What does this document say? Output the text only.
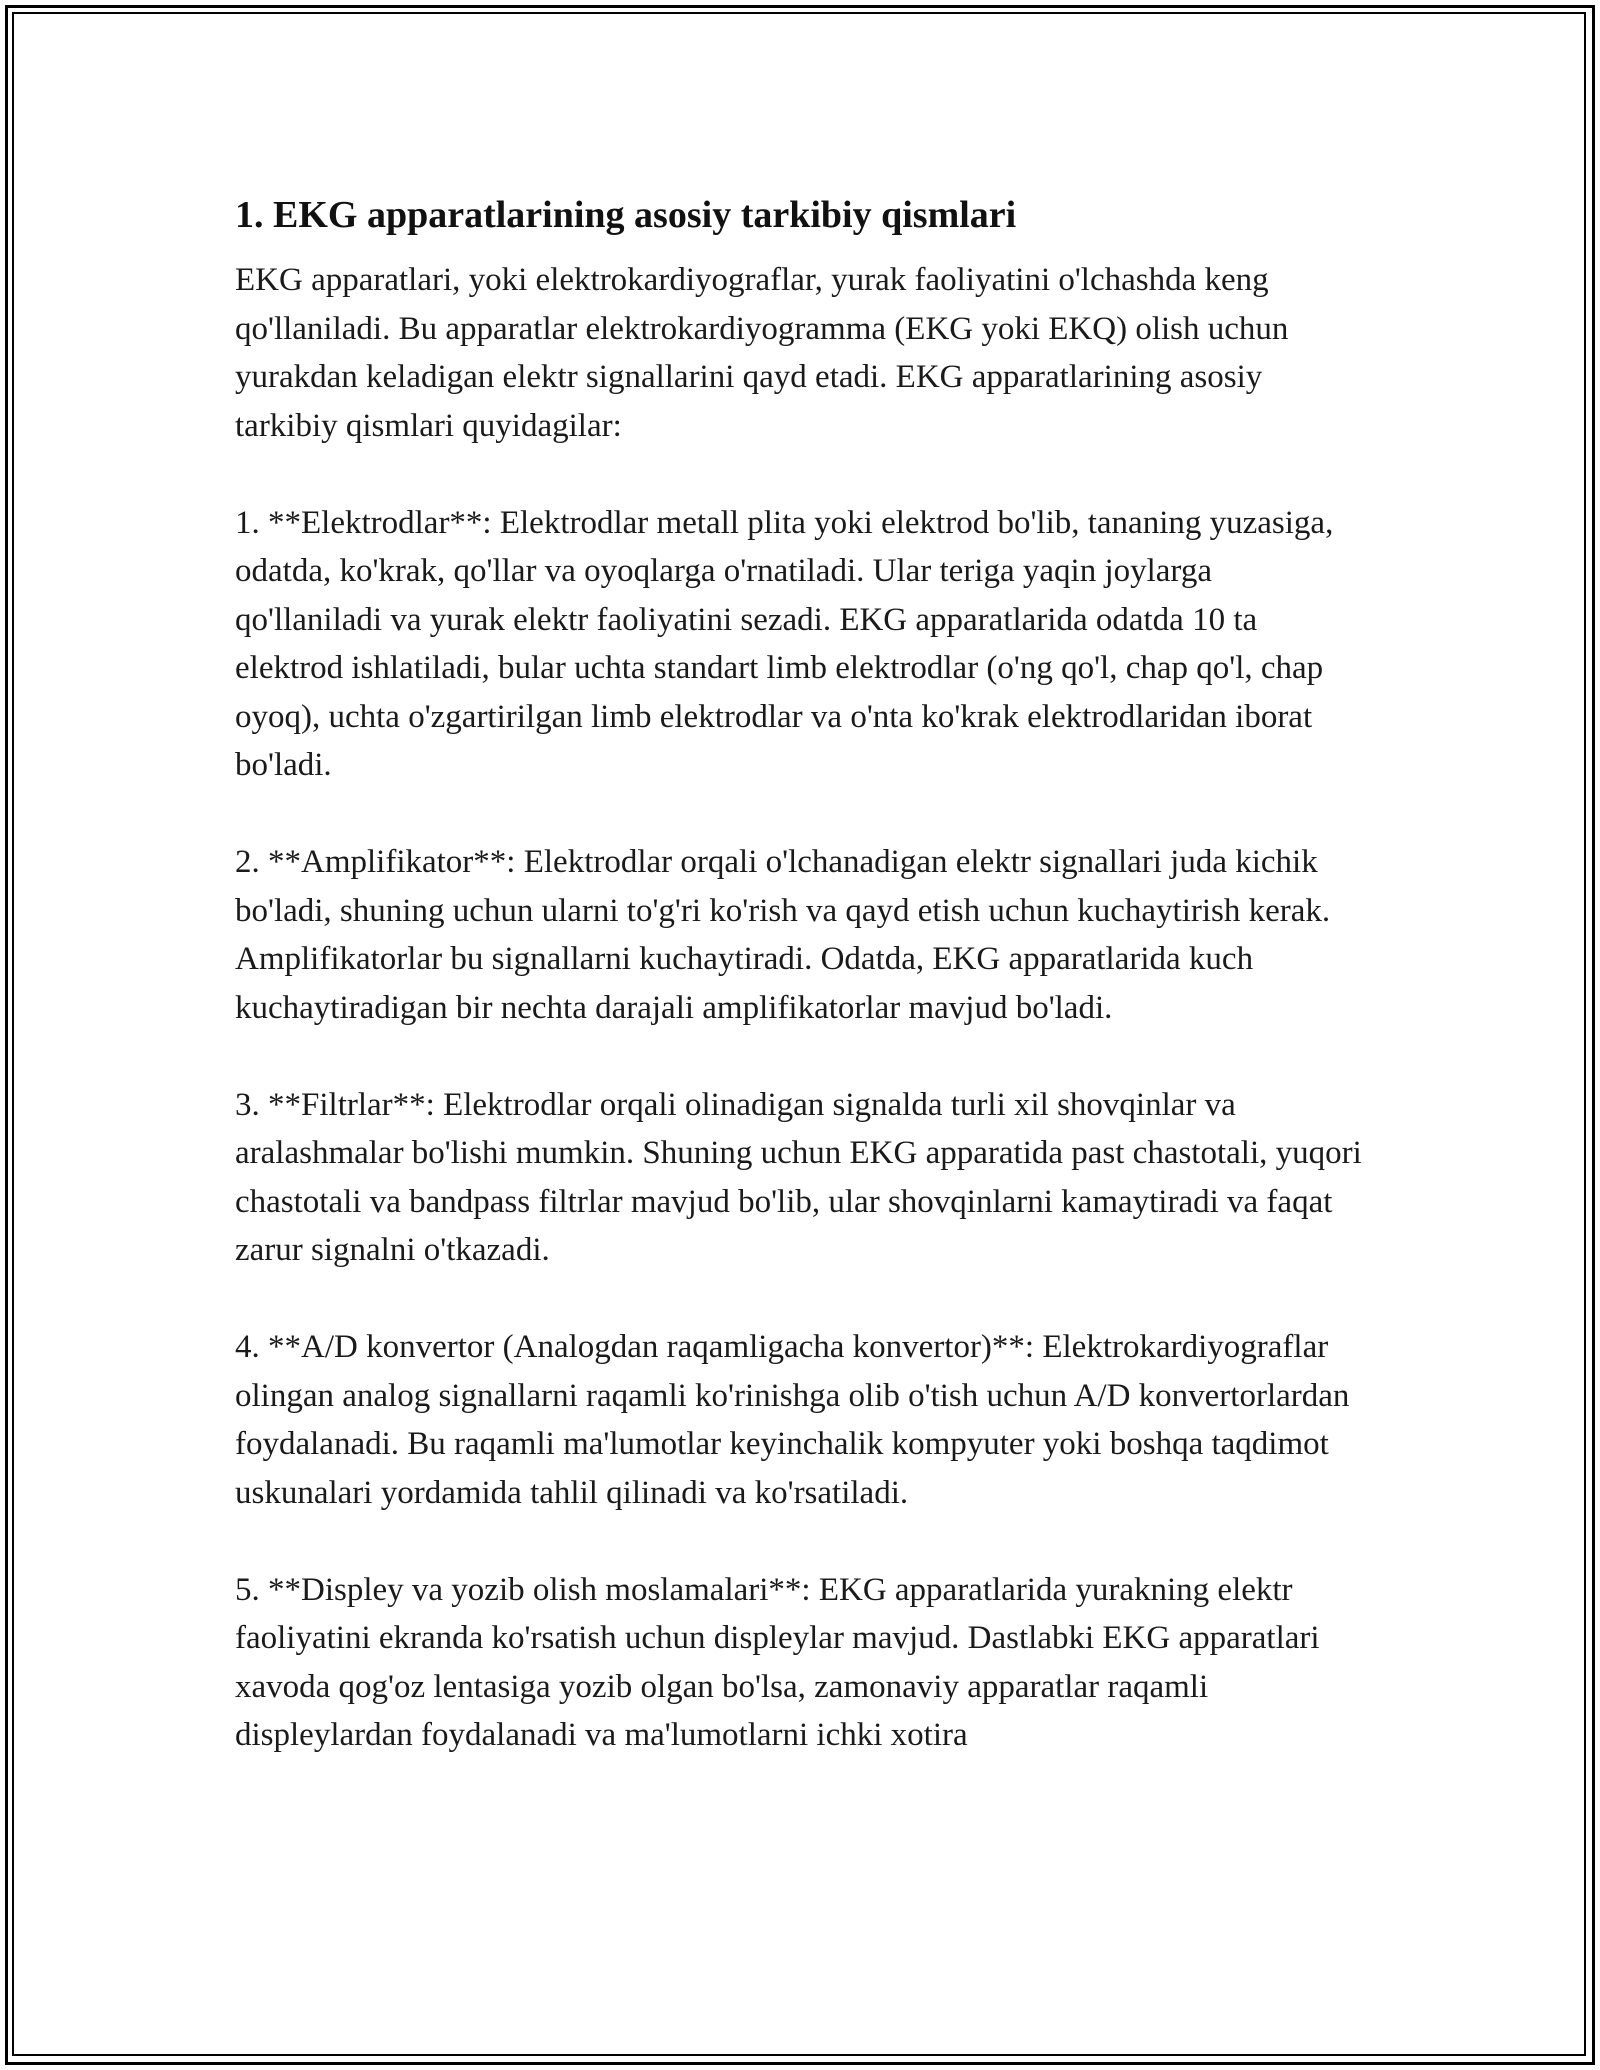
1. EKG apparatlarining asosiy tarkibiy qismlari

EKG apparatlari, yoki elektrokardiyograflar, yurak faoliyatini o'lchashda keng qo'llaniladi. Bu apparatlar elektrokardiyogramma (EKG yoki EKQ) olish uchun yurakdan keladigan elektr signallarini qayd etadi. EKG apparatlarining asosiy tarkibiy qismlari quyidagilar:

1. **Elektrodlar**: Elektrodlar metall plita yoki elektrod bo'lib, tananing yuzasiga, odatda, ko'krak, qo'llar va oyoqlarga o'rnatiladi. Ular teriga yaqin joylarga qo'llaniladi va yurak elektr faoliyatini sezadi. EKG apparatlarida odatda 10 ta elektrod ishlatiladi, bular uchta standart limb elektrodlar (o'ng qo'l, chap qo'l, chap oyoq), uchta o'zgartirilgan limb elektrodlar va o'nta ko'krak elektrodlaridan iborat bo'ladi.

2. **Amplifikator**: Elektrodlar orqali o'lchanadigan elektr signallari juda kichik bo'ladi, shuning uchun ularni to'g'ri ko'rish va qayd etish uchun kuchaytirish kerak. Amplifikatorlar bu signallarni kuchaytiradi. Odatda, EKG apparatlarida kuch kuchaytiradigan bir nechta darajali amplifikatorlar mavjud bo'ladi.

3. **Filtrlar**: Elektrodlar orqali olinadigan signalda turli xil shovqinlar va aralashmalar bo'lishi mumkin. Shuning uchun EKG apparatida past chastotali, yuqori chastotali va bandpass filtrlar mavjud bo'lib, ular shovqinlarni kamaytiradi va faqat zarur signalni o'tkazadi.

4. **A/D konvertor (Analogdan raqamligacha konvertor)**: Elektrokardiyograflar olingan analog signallarni raqamli ko'rinishga olib o'tish uchun A/D konvertorlardan foydalanadi. Bu raqamli ma'lumotlar keyinchalik kompyuter yoki boshqa taqdimot uskunalari yordamida tahlil qilinadi va ko'rsatiladi.

5. **Displey va yozib olish moslamalari**: EKG apparatlarida yurakning elektr faoliyatini ekranda ko'rsatish uchun displeylar mavjud. Dastlabki EKG apparatlari xavoda qog'oz lentasiga yozib olgan bo'lsa, zamonaviy apparatlar raqamli displeylardan foydalanadi va ma'lumotlarni ichki xotira
